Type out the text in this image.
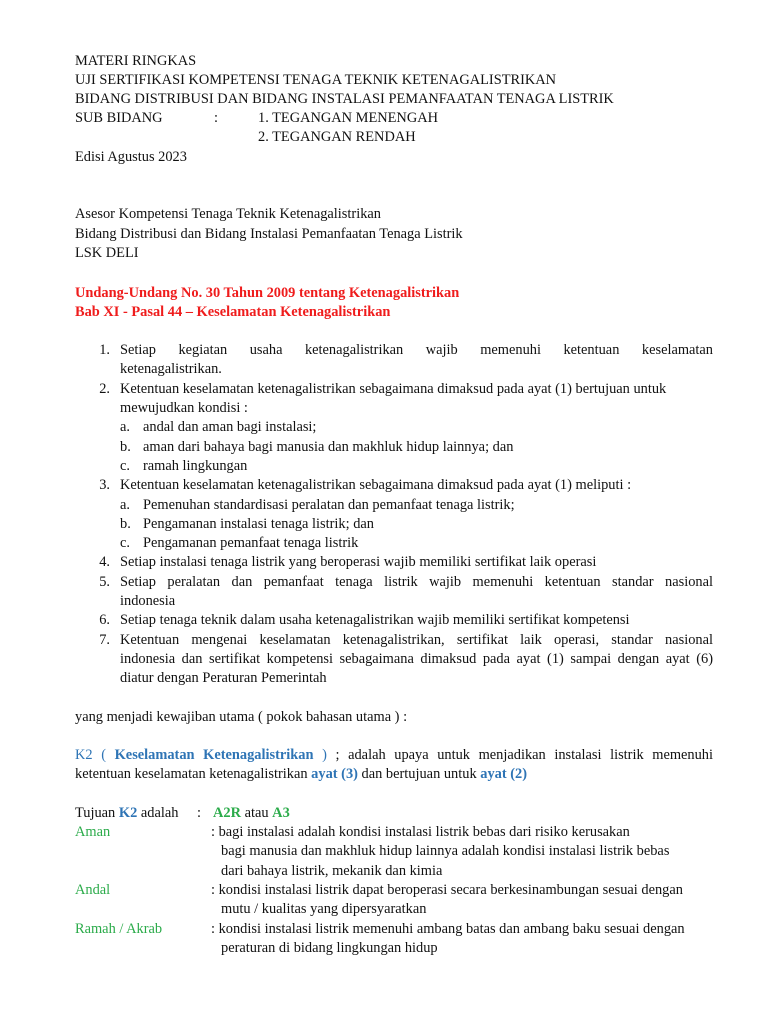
MATERI RINGKAS
UJI SERTIFIKASI KOMPETENSI TENAGA TEKNIK KETENAGALISTRIKAN
BIDANG DISTRIBUSI DAN BIDANG INSTALASI PEMANFAATAN TENAGA LISTRIK
SUB BIDANG	:	1. TEGANGAN MENENGAH
2. TEGANGAN RENDAH
Edisi Agustus 2023
Asesor Kompetensi Tenaga Teknik Ketenagalistrikan
Bidang Distribusi dan Bidang Instalasi Pemanfaatan Tenaga Listrik
LSK DELI
Undang-Undang No. 30 Tahun 2009 tentang Ketenagalistrikan
Bab XI - Pasal 44 – Keselamatan Ketenagalistrikan
1. Setiap kegiatan usaha ketenagalistrikan wajib memenuhi ketentuan keselamatan
ketenagalistrikan.
2. Ketentuan keselamatan ketenagalistrikan sebagaimana dimaksud pada ayat (1) bertujuan untuk
mewujudkan kondisi :
a. andal dan aman bagi instalasi;
b. aman dari bahaya bagi manusia dan makhluk hidup lainnya; dan
c. ramah lingkungan
3. Ketentuan keselamatan ketenagalistrikan sebagaimana dimaksud pada ayat (1) meliputi :
a. Pemenuhan standardisasi peralatan dan pemanfaat tenaga listrik;
b. Pengamanan instalasi tenaga listrik; dan
c. Pengamanan pemanfaat tenaga listrik
4. Setiap instalasi tenaga listrik yang beroperasi wajib memiliki sertifikat laik operasi
5. Setiap peralatan dan pemanfaat tenaga listrik wajib memenuhi ketentuan standar nasional
indonesia
6. Setiap tenaga teknik dalam usaha ketenagalistrikan wajib memiliki sertifikat kompetensi
7. Ketentuan mengenai keselamatan ketenagalistrikan, sertifikat laik operasi, standar nasional
indonesia dan sertifikat kompetensi sebagaimana dimaksud pada ayat (1) sampai dengan ayat (6)
diatur dengan Peraturan Pemerintah
yang menjadi kewajiban utama ( pokok bahasan utama ) :
K2 ( Keselamatan Ketenagalistrikan ) ; adalah upaya untuk menjadikan instalasi listrik memenuhi
ketentuan keselamatan ketenagalistrikan ayat (3) dan bertujuan untuk ayat (2)
Tujuan K2 adalah : A2R atau A3
Aman	: bagi instalasi adalah kondisi instalasi listrik bebas dari risiko kerusakan
bagi manusia dan makhluk hidup lainnya adalah kondisi instalasi listrik bebas
dari bahaya listrik, mekanik dan kimia
Andal	: kondisi instalasi listrik dapat beroperasi secara berkesinambungan sesuai dengan
mutu / kualitas yang dipersyaratkan
Ramah / Akrab	: kondisi instalasi listrik memenuhi ambang batas dan ambang baku sesuai dengan
peraturan di bidang lingkungan hidup
